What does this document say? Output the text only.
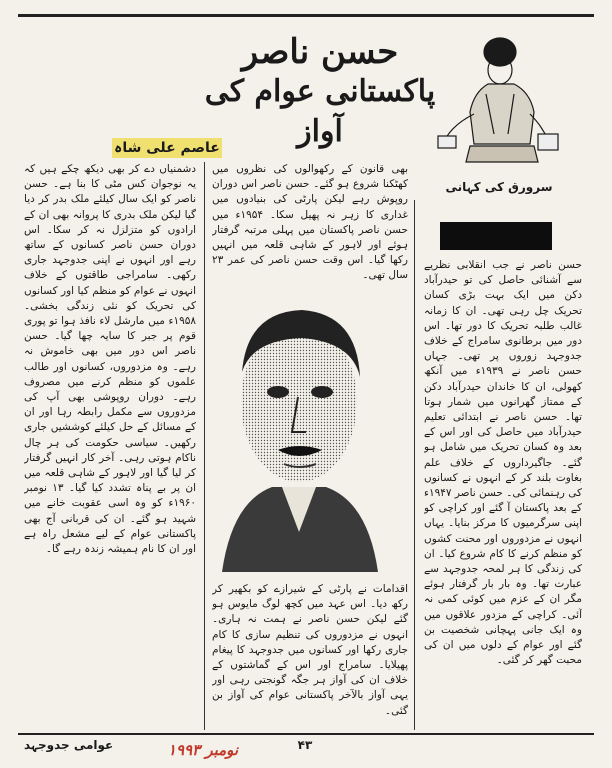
حسن ناصر
پاکستانی عوام کی آواز
عاصم علی شاہ
سرورق کی کہانی

حسن ناصر نے جب انقلابی نظریے سے آشنائی حاصل کی تو حیدرآباد دکن میں ایک بہت بڑی کسان تحریک چل رہی تھی۔ ان کا زمانہ غالب طلبہ تحریک کا دور تھا۔ اس دور میں برطانوی سامراج کے خلاف جدوجہد زوروں پر تھی۔ جہاں حسن ناصر نے ۱۹۳۹ء میں آنکھ کھولی، ان کا خاندان حیدرآباد دکن کے ممتاز گھرانوں میں شمار ہوتا تھا۔ حسن ناصر نے ابتدائی تعلیم حیدرآباد میں حاصل کی اور اس کے بعد وہ کسان تحریک میں شامل ہو گئے۔ جاگیرداروں کے خلاف علم بغاوت بلند کر کے انہوں نے کسانوں کی رہنمائی کی۔ حسن ناصر ۱۹۴۷ء کے بعد پاکستان آ گئے اور کراچی کو اپنی سرگرمیوں کا مرکز بنایا۔ یہاں انہوں نے مزدوروں اور محنت کشوں کو منظم کرنے کا کام شروع کیا۔ ان کی زندگی کا ہر لمحہ جدوجہد سے عبارت تھا۔ وہ بار بار گرفتار ہوئے مگر ان کے عزم میں کوئی کمی نہ آئی۔ کراچی کے مزدور علاقوں میں وہ ایک جانی پہچانی شخصیت بن گئے اور عوام کے دلوں میں ان کی محبت گھر کر گئی۔

بھی قانون کے رکھوالوں کی نظروں میں کھٹکنا شروع ہو گئے۔ حسن ناصر اس دوران روپوش رہے لیکن پارٹی کی بنیادوں میں غداری کا زہر نہ پھیل سکا۔ ۱۹۵۴ء میں حسن ناصر پاکستان میں پہلی مرتبہ گرفتار ہوئے اور لاہور کے شاہی قلعہ میں انہیں رکھا گیا۔ اس وقت حسن ناصر کی عمر ۲۳ سال تھی۔

اقدامات نے پارٹی کے شیرازے کو بکھیر کر رکھ دیا۔ اس عہد میں کچھ لوگ مایوس ہو گئے لیکن حسن ناصر نے ہمت نہ ہاری۔ انہوں نے مزدوروں کی تنظیم سازی کا کام جاری رکھا اور کسانوں میں جدوجہد کا پیغام پھیلایا۔ سامراج اور اس کے گماشتوں کے خلاف ان کی آواز ہر جگہ گونجتی رہی اور یہی آواز بالآخر پاکستانی عوام کی آواز بن گئی۔

دشمنیاں دے کر بھی دیکھ چکے ہیں کہ یہ نوجوان کس مٹی کا بنا ہے۔ حسن ناصر کو ایک سال کیلئے ملک بدر کر دیا گیا لیکن ملک بدری کا پروانہ بھی ان کے ارادوں کو متزلزل نہ کر سکا۔ اس دوران حسن ناصر کسانوں کے ساتھ رہے اور انہوں نے اپنی جدوجہد جاری رکھی۔ سامراجی طاقتوں کے خلاف انہوں نے عوام کو منظم کیا اور کسانوں کی تحریک کو نئی زندگی بخشی۔ ۱۹۵۸ء میں مارشل لاء نافذ ہوا تو پوری قوم پر جبر کا سایہ چھا گیا۔ حسن ناصر اس دور میں بھی خاموش نہ رہے۔ وہ مزدوروں، کسانوں اور طالب علموں کو منظم کرنے میں مصروف رہے۔ دوران روپوشی بھی آپ کی مزدوروں سے مکمل رابطہ رہا اور ان کے مسائل کے حل کیلئے کوششیں جاری رکھیں۔ سیاسی حکومت کی ہر چال ناکام ہوتی رہی۔ آخر کار انہیں گرفتار کر لیا گیا اور لاہور کے شاہی قلعہ میں ان پر بے پناہ تشدد کیا گیا۔ ۱۳ نومبر ۱۹۶۰ء کو وہ اسی عقوبت خانے میں شہید ہو گئے۔ ان کی قربانی آج بھی پاکستانی عوام کے لیے مشعل راہ ہے اور ان کا نام ہمیشہ زندہ رہے گا۔

عوامی جدوجہد	نومبر ۱۹۹۳	۴۳
